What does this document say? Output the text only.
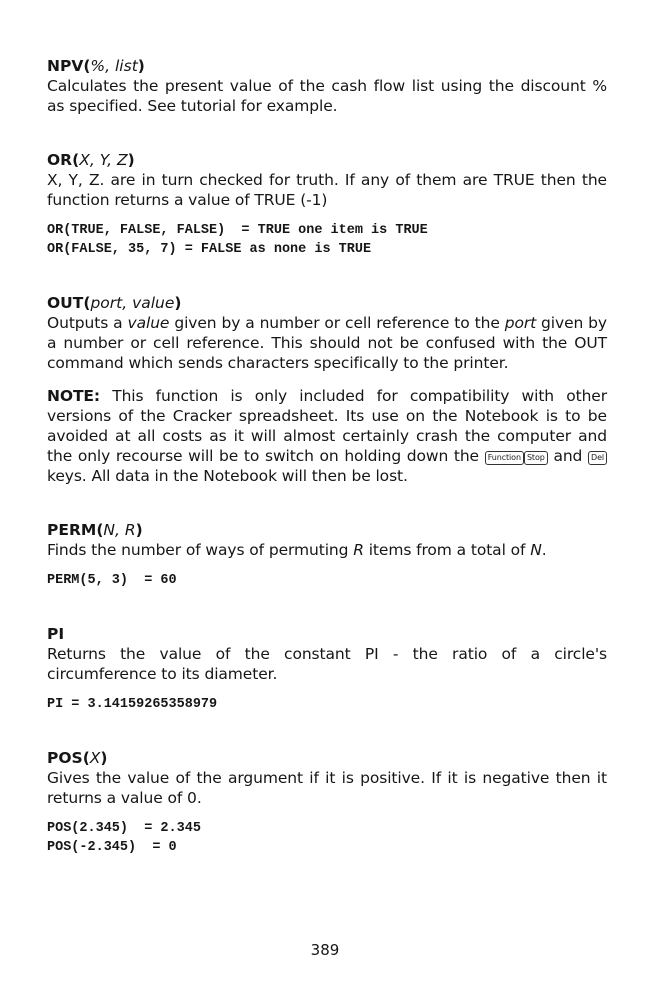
NPV(%, list)

Calculates the present value of the cash flow list using the discount % as specified. See tutorial for example.

OR(X, Y, Z)

X, Y, Z. are in turn checked for truth. If any of them are TRUE then the function returns a value of TRUE (-1)

OR(TRUE, FALSE, FALSE)  = TRUE one item is TRUE
OR(FALSE, 35, 7) = FALSE as none is TRUE

OUT(port, value)

Outputs a value given by a number or cell reference to the port given by a number or cell reference. This should not be confused with the OUT command which sends characters specifically to the printer.

NOTE: This function is only included for compatibility with other versions of the Cracker spreadsheet. Its use on the Notebook is to be avoided at all costs as it will almost certainly crash the computer and the only recourse will be to switch on holding down the Function Stop and Del keys. All data in the Notebook will then be lost.

PERM(N, R)

Finds the number of ways of permuting R items from a total of N.

PERM(5, 3)  = 60

PI

Returns the value of the constant PI - the ratio of a circle's circumference to its diameter.

PI = 3.14159265358979

POS(X)

Gives the value of the argument if it is positive. If it is negative then it returns a value of 0.

POS(2.345)  = 2.345
POS(-2.345)  = 0
389
